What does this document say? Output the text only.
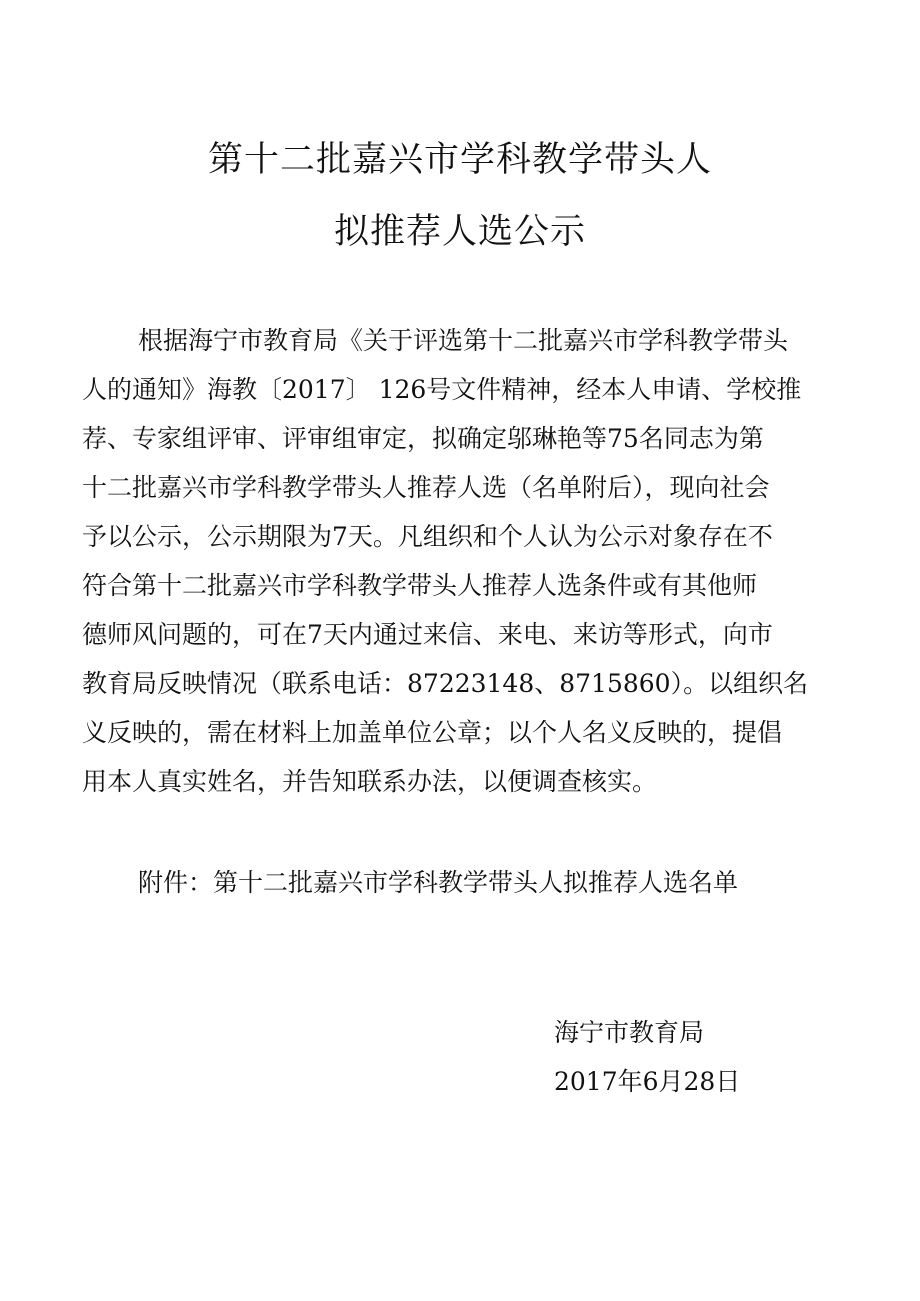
第十二批嘉兴市学科教学带头人
拟推荐人选公示
根据海宁市教育局《关于评选第十二批嘉兴市学科教学带头
人的通知》海教〔2017〕 126号文件精神，经本人申请、学校推
荐、专家组评审、评审组审定，拟确定邬琳艳等75名同志为第
十二批嘉兴市学科教学带头人推荐人选（名单附后），现向社会
予以公示，公示期限为7天。凡组织和个人认为公示对象存在不
符合第十二批嘉兴市学科教学带头人推荐人选条件或有其他师
德师风问题的，可在7天内通过来信、来电、来访等形式，向市
教育局反映情况（联系电话：87223148、8715860）。以组织名
义反映的，需在材料上加盖单位公章；以个人名义反映的，提倡
用本人真实姓名，并告知联系办法，以便调查核实。
附件：第十二批嘉兴市学科教学带头人拟推荐人选名单
海宁市教育局
2017年6月28日
